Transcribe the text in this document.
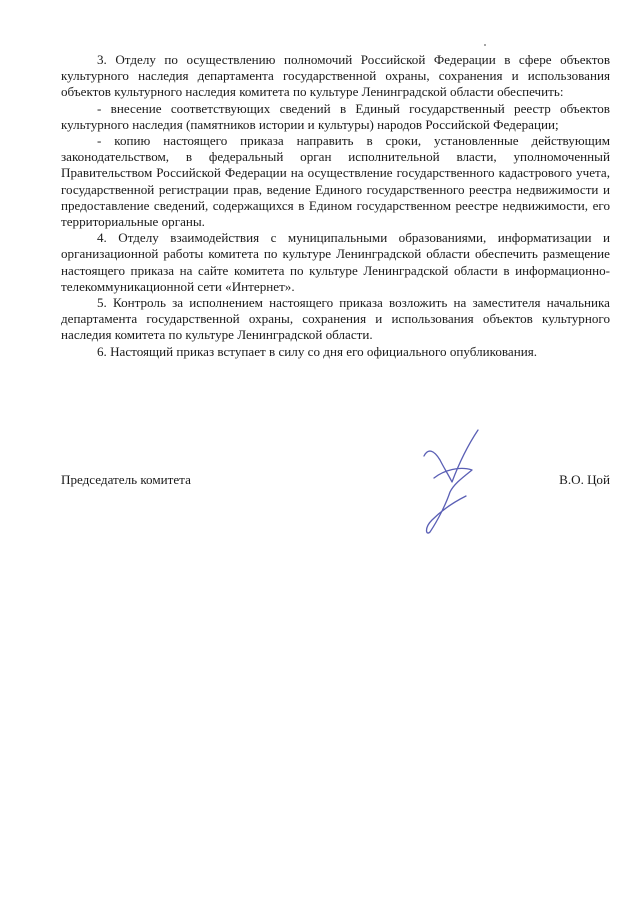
3. Отделу по осуществлению полномочий Российской Федерации в сфере объектов культурного наследия департамента государственной охраны, сохранения и использования объектов культурного наследия комитета по культуре Ленинградской области обеспечить:

- внесение соответствующих сведений в Единый государственный реестр объектов культурного наследия (памятников истории и культуры) народов Российской Федерации;

- копию настоящего приказа направить в сроки, установленные действующим законодательством, в федеральный орган исполнительной власти, уполномоченный Правительством Российской Федерации на осуществление государственного кадастрового учета, государственной регистрации прав, ведение Единого государственного реестра недвижимости и предоставление сведений, содержащихся в Едином государственном реестре недвижимости, его территориальные органы.

4. Отделу взаимодействия с муниципальными образованиями, информатизации и организационной работы комитета по культуре Ленинградской области обеспечить размещение настоящего приказа на сайте комитета по культуре Ленинградской области в информационно-телекоммуникационной сети «Интернет».

5. Контроль за исполнением настоящего приказа возложить на заместителя начальника департамента государственной охраны, сохранения и использования объектов культурного наследия комитета по культуре Ленинградской области.

6. Настоящий приказ вступает в силу со дня его официального опубликования.

Председатель комитета	В.О. Цой
